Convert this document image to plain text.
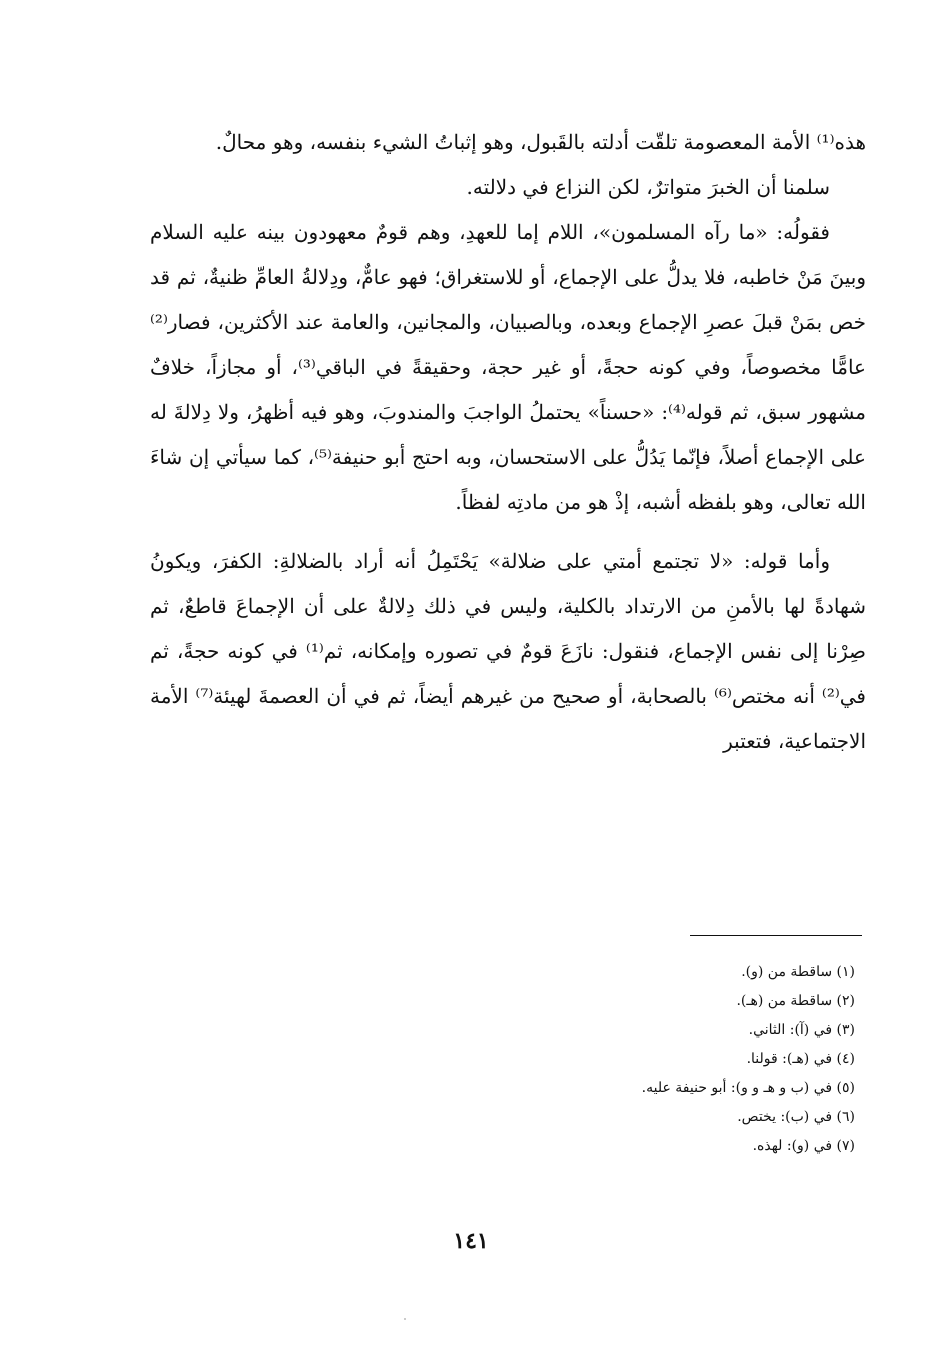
هذه⁽¹⁾ الأمة المعصومة تلقّت أدلته بالقَبول، وهو إثباتُ الشيء بنفسه، وهو محالٌ.

سلمنا أن الخبرَ متواترٌ، لكن النزاع في دلالته.

فقولُه: «ما رآه المسلمون»، اللام إما للعهدِ، وهم قومٌ معهودون بينه عليه السلام وبينَ مَنْ خاطبه، فلا يدلُّ على الإجماع، أو للاستغراق؛ فهو عامٌّ، ودِلالةُ العامِّ ظنيةٌ، ثم قد خص بمَنْ قبلَ عصرِ الإجماع وبعده، وبالصبيان، والمجانين، والعامة عند الأكثرين، فصار⁽²⁾ عامًّا مخصوصاً، وفي كونه حجةً، أو غير حجة، وحقيقةً في الباقي⁽³⁾، أو مجازاً، خلافٌ مشهور سبق، ثم قوله⁽⁴⁾: «حسناً» يحتملُ الواجبَ والمندوبَ، وهو فيه أظهرُ، ولا دِلالةَ له على الإجماع أصلاً، فإنّما يَدُلُّ على الاستحسان، وبه احتج أبو حنيفة⁽⁵⁾، كما سيأتي إن شاءَ الله تعالى، وهو بلفظه أشبه، إذْ هو من مادتِه لفظاً.

وأما قوله: «لا تجتمع أمتي على ضلالة» يَحْتَمِلُ أنه أراد بالضلالةِ: الكفرَ، ويكونُ شهادةً لها بالأمنِ من الارتداد بالكلية، وليس في ذلك دِلالةٌ على أن الإجماعَ قاطعٌ، ثم صِرْنا إلى نفس الإجماع، فنقول: نازَعَ قومٌ في تصوره وإمكانه، ثم⁽¹⁾ في كونه حجةً، ثم في⁽²⁾ أنه مختص⁽⁶⁾ بالصحابة، أو صحيح من غيرهم أيضاً، ثم في أن العصمةَ لهيئة⁽⁷⁾ الأمة الاجتماعية، فتعتبر

(١) ساقطة من (و).
(٢) ساقطة من (هـ).
(٣) في (آ): الثاني.
(٤) في (هـ): قولنا.
(٥) في (ب و هـ و و): أبو حنيفة عليه.
(٦) في (ب): يختص.
(٧) في (و): لهذه.
١٤١
